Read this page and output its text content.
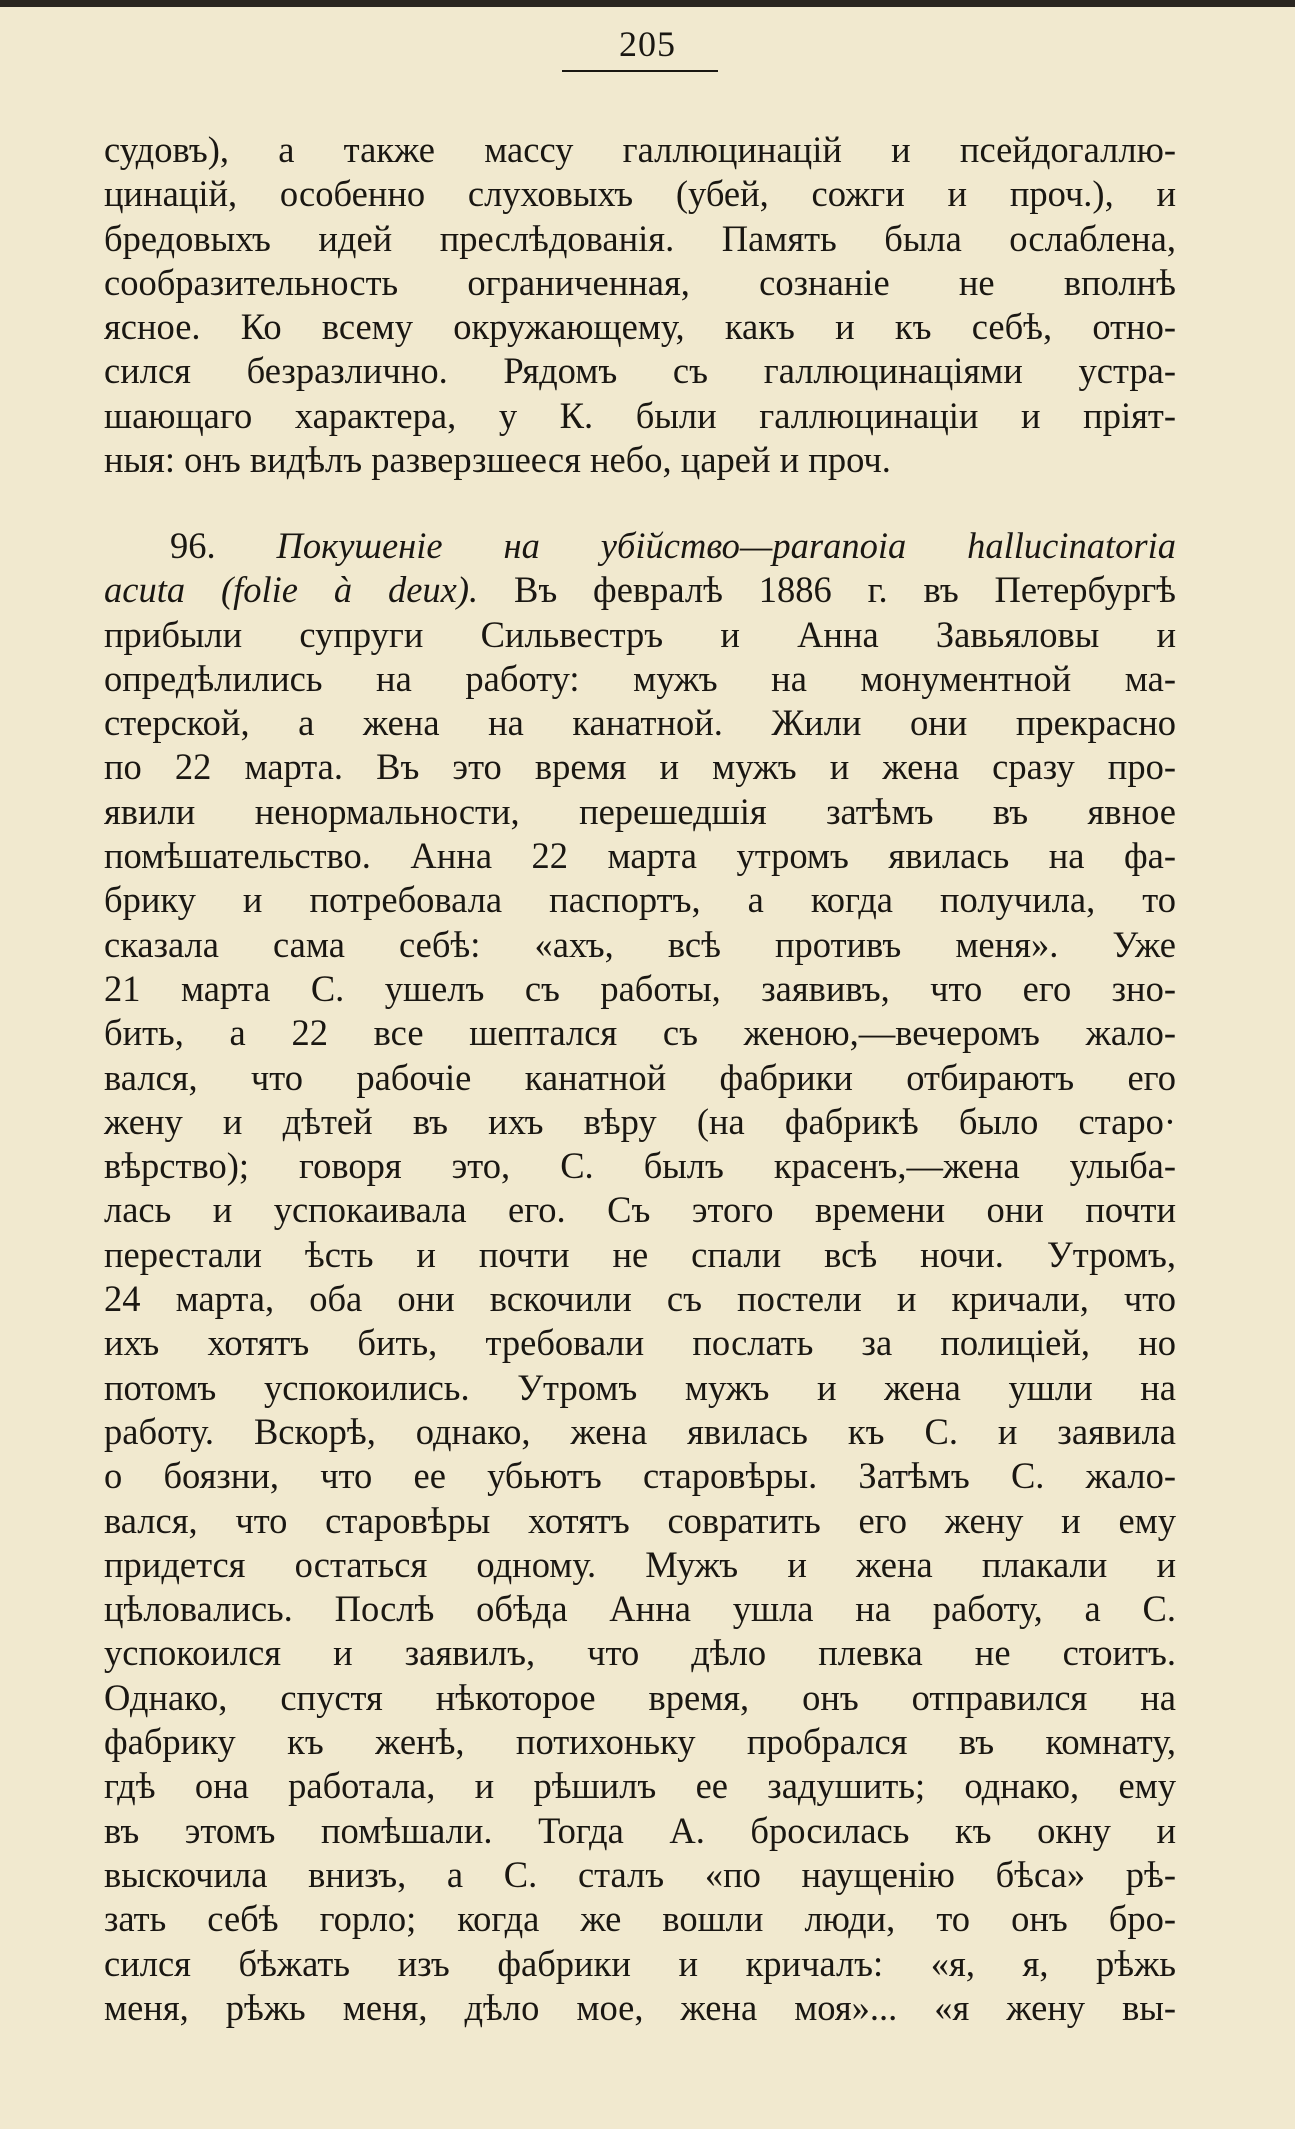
205
судовъ), а также массу галлюцинацій и псейдогаллю-
цинацій, особенно слуховыхъ (убей, сожги и проч.), и
бредовыхъ идей преслѣдованія. Память была ослаблена,
сообразительность ограниченная, сознаніе не вполнѣ
ясное. Ко всему окружающему, какъ и къ себѣ, отно-
сился безразлично. Рядомъ съ галлюцинаціями устра-
шающаго характера, у К. были галлюцинаціи и пріят-
ныя: онъ видѣлъ разверзшееся небо, царей и проч.
96. Покушеніе на убійство—paranoia hallucinatoria
acuta (folie à deux). Въ февралѣ 1886 г. въ Петербургѣ
прибыли супруги Сильвестръ и Анна Завьяловы и
опредѣлились на работу: мужъ на монументной ма-
стерской, а жена на канатной. Жили они прекрасно
по 22 марта. Въ это время и мужъ и жена сразу про-
явили ненормальности, перешедшія затѣмъ въ явное
помѣшательство. Анна 22 марта утромъ явилась на фа-
брику и потребовала паспортъ, а когда получила, то
сказала сама себѣ: «ахъ, всѣ противъ меня». Уже
21 марта С. ушелъ съ работы, заявивъ, что его зно-
бить, а 22 все шептался съ женою,—вечеромъ жало-
вался, что рабочіе канатной фабрики отбираютъ его
жену и дѣтей въ ихъ вѣру (на фабрикѣ было старо·
вѣрство); говоря это, С. былъ красенъ,—жена улыба-
лась и успокаивала его. Съ этого времени они почти
перестали ѣсть и почти не спали всѣ ночи. Утромъ,
24 марта, оба они вскочили съ постели и кричали, что
ихъ хотятъ бить, требовали послать за полиціей, но
потомъ успокоились. Утромъ мужъ и жена ушли на
работу. Вскорѣ, однако, жена явилась къ С. и заявила
о боязни, что ее убьютъ старовѣры. Затѣмъ С. жало-
вался, что старовѣры хотятъ совратить его жену и ему
придется остаться одному. Мужъ и жена плакали и
цѣловались. Послѣ обѣда Анна ушла на работу, а С.
успокоился и заявилъ, что дѣло плевка не стоитъ.
Однако, спустя нѣкоторое время, онъ отправился на
фабрику къ женѣ, потихоньку пробрался въ комнату,
гдѣ она работала, и рѣшилъ ее задушить; однако, ему
въ этомъ помѣшали. Тогда А. бросилась къ окну и
выскочила внизъ, а С. сталъ «по наущенію бѣса» рѣ-
зать себѣ горло; когда же вошли люди, то онъ бро-
сился бѣжать изъ фабрики и кричалъ: «я, я, рѣжь
меня, рѣжь меня, дѣло мое, жена моя»... «я жену вы-
